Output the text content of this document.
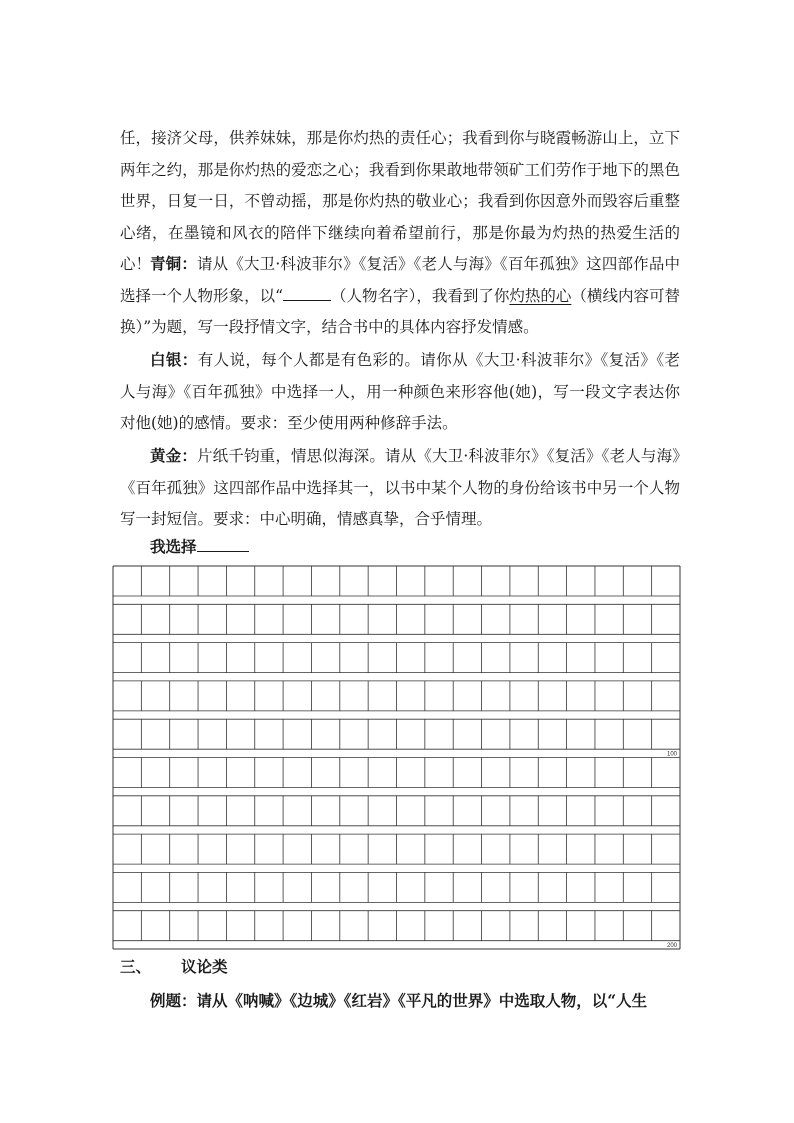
任，接济父母，供养妹妹，那是你灼热的责任心；我看到你与晓霞畅游山上，立下两年之约，那是你灼热的爱恋之心；我看到你果敢地带领矿工们劳作于地下的黑色世界，日复一日，不曾动摇，那是你灼热的敬业心；我看到你因意外而毁容后重整心绪，在墨镜和风衣的陪伴下继续向着希望前行，那是你最为灼热的热爱生活的心！

青铜：请从《大卫·科波菲尔》《复活》《老人与海》《百年孤独》这四部作品中选择一个人物形象，以“	（人物名字），我看到了你灼热的心（横线内容可替换）”为题，写一段抒情文字，结合书中的具体内容抒发情感。

白银：有人说，每个人都是有色彩的。请你从《大卫·科波菲尔》《复活》《老人与海》《百年孤独》中选择一人，用一种颜色来形容他(她)，写一段文字表达你对他(她)的感情。要求：至少使用两种修辞手法。

黄金：片纸千钧重，情思似海深。请从《大卫·科波菲尔》《复活》《老人与海》《百年孤独》这四部作品中选择其一，以书中某个人物的身份给该书中另一个人物写一封短信。要求：中心明确，情感真挚，合乎情理。

我选择

100
200

三、 议论类

例题：请从《呐喊》《边城》《红岩》《平凡的世界》中选取人物，以“人生
